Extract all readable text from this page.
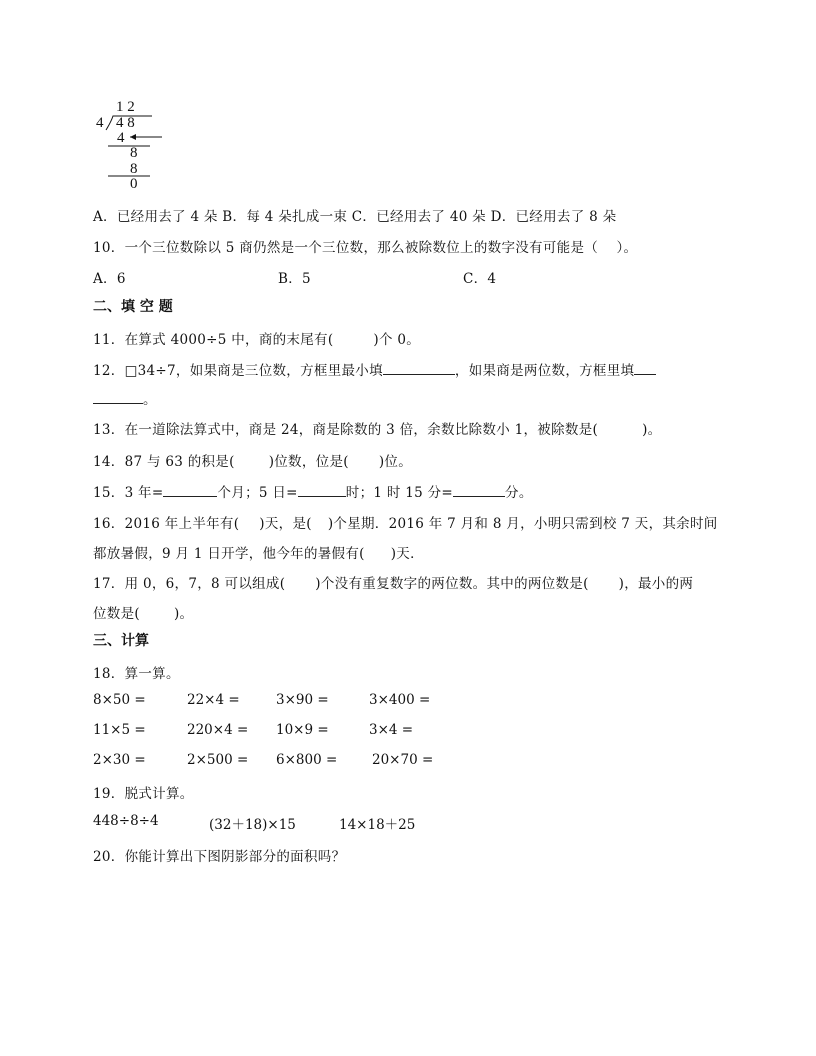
1 2
4 4 8
4
8
8
0
A．已经用去了 4 朵 B．每 4 朵扎成一束 C．已经用去了 40 朵 D．已经用去了 8 朵
10．一个三位数除以 5 商仍然是一个三位数，那么被除数位上的数字没有可能是（　 ）。
A．6	B．5	C．4
二、填 空 题
11．在算式 4000÷5 中，商的末尾有(	)个 0。
12．□34÷7，如果商是三位数，方框里最小填	，如果商是两位数，方框里填
。
13．在一道除法算式中，商是 24，商是除数的 3 倍，余数比除数小 1，被除数是(	)。
14．87 与 63 的积是(	)位数，位是( )位。
15．3 年=	个月；5 日=	时；1 时 15 分=	分。
16．2016 年上半年有( )天，是( )个星期．2016 年 7 月和 8 月，小明只需到校 7 天，其余时间
都放暑假，9 月 1 日开学，他今年的暑假有( )天．
17．用 0，6，7，8 可以组成( )个没有重复数字的两位数。其中的两位数是( )，最小的两
位数是(	)。
三、计算
18．算一算。
8×50 =	22×4 =	3×90 =	3×400 =
11×5 =	220×4 = 10×9 =	3×4 =
2×30 =	2×500 = 6×800 =	20×70 =
19．脱式计算。
448÷8÷4	(32＋18)×15	14×18＋25
20．你能计算出下图阴影部分的面积吗？
